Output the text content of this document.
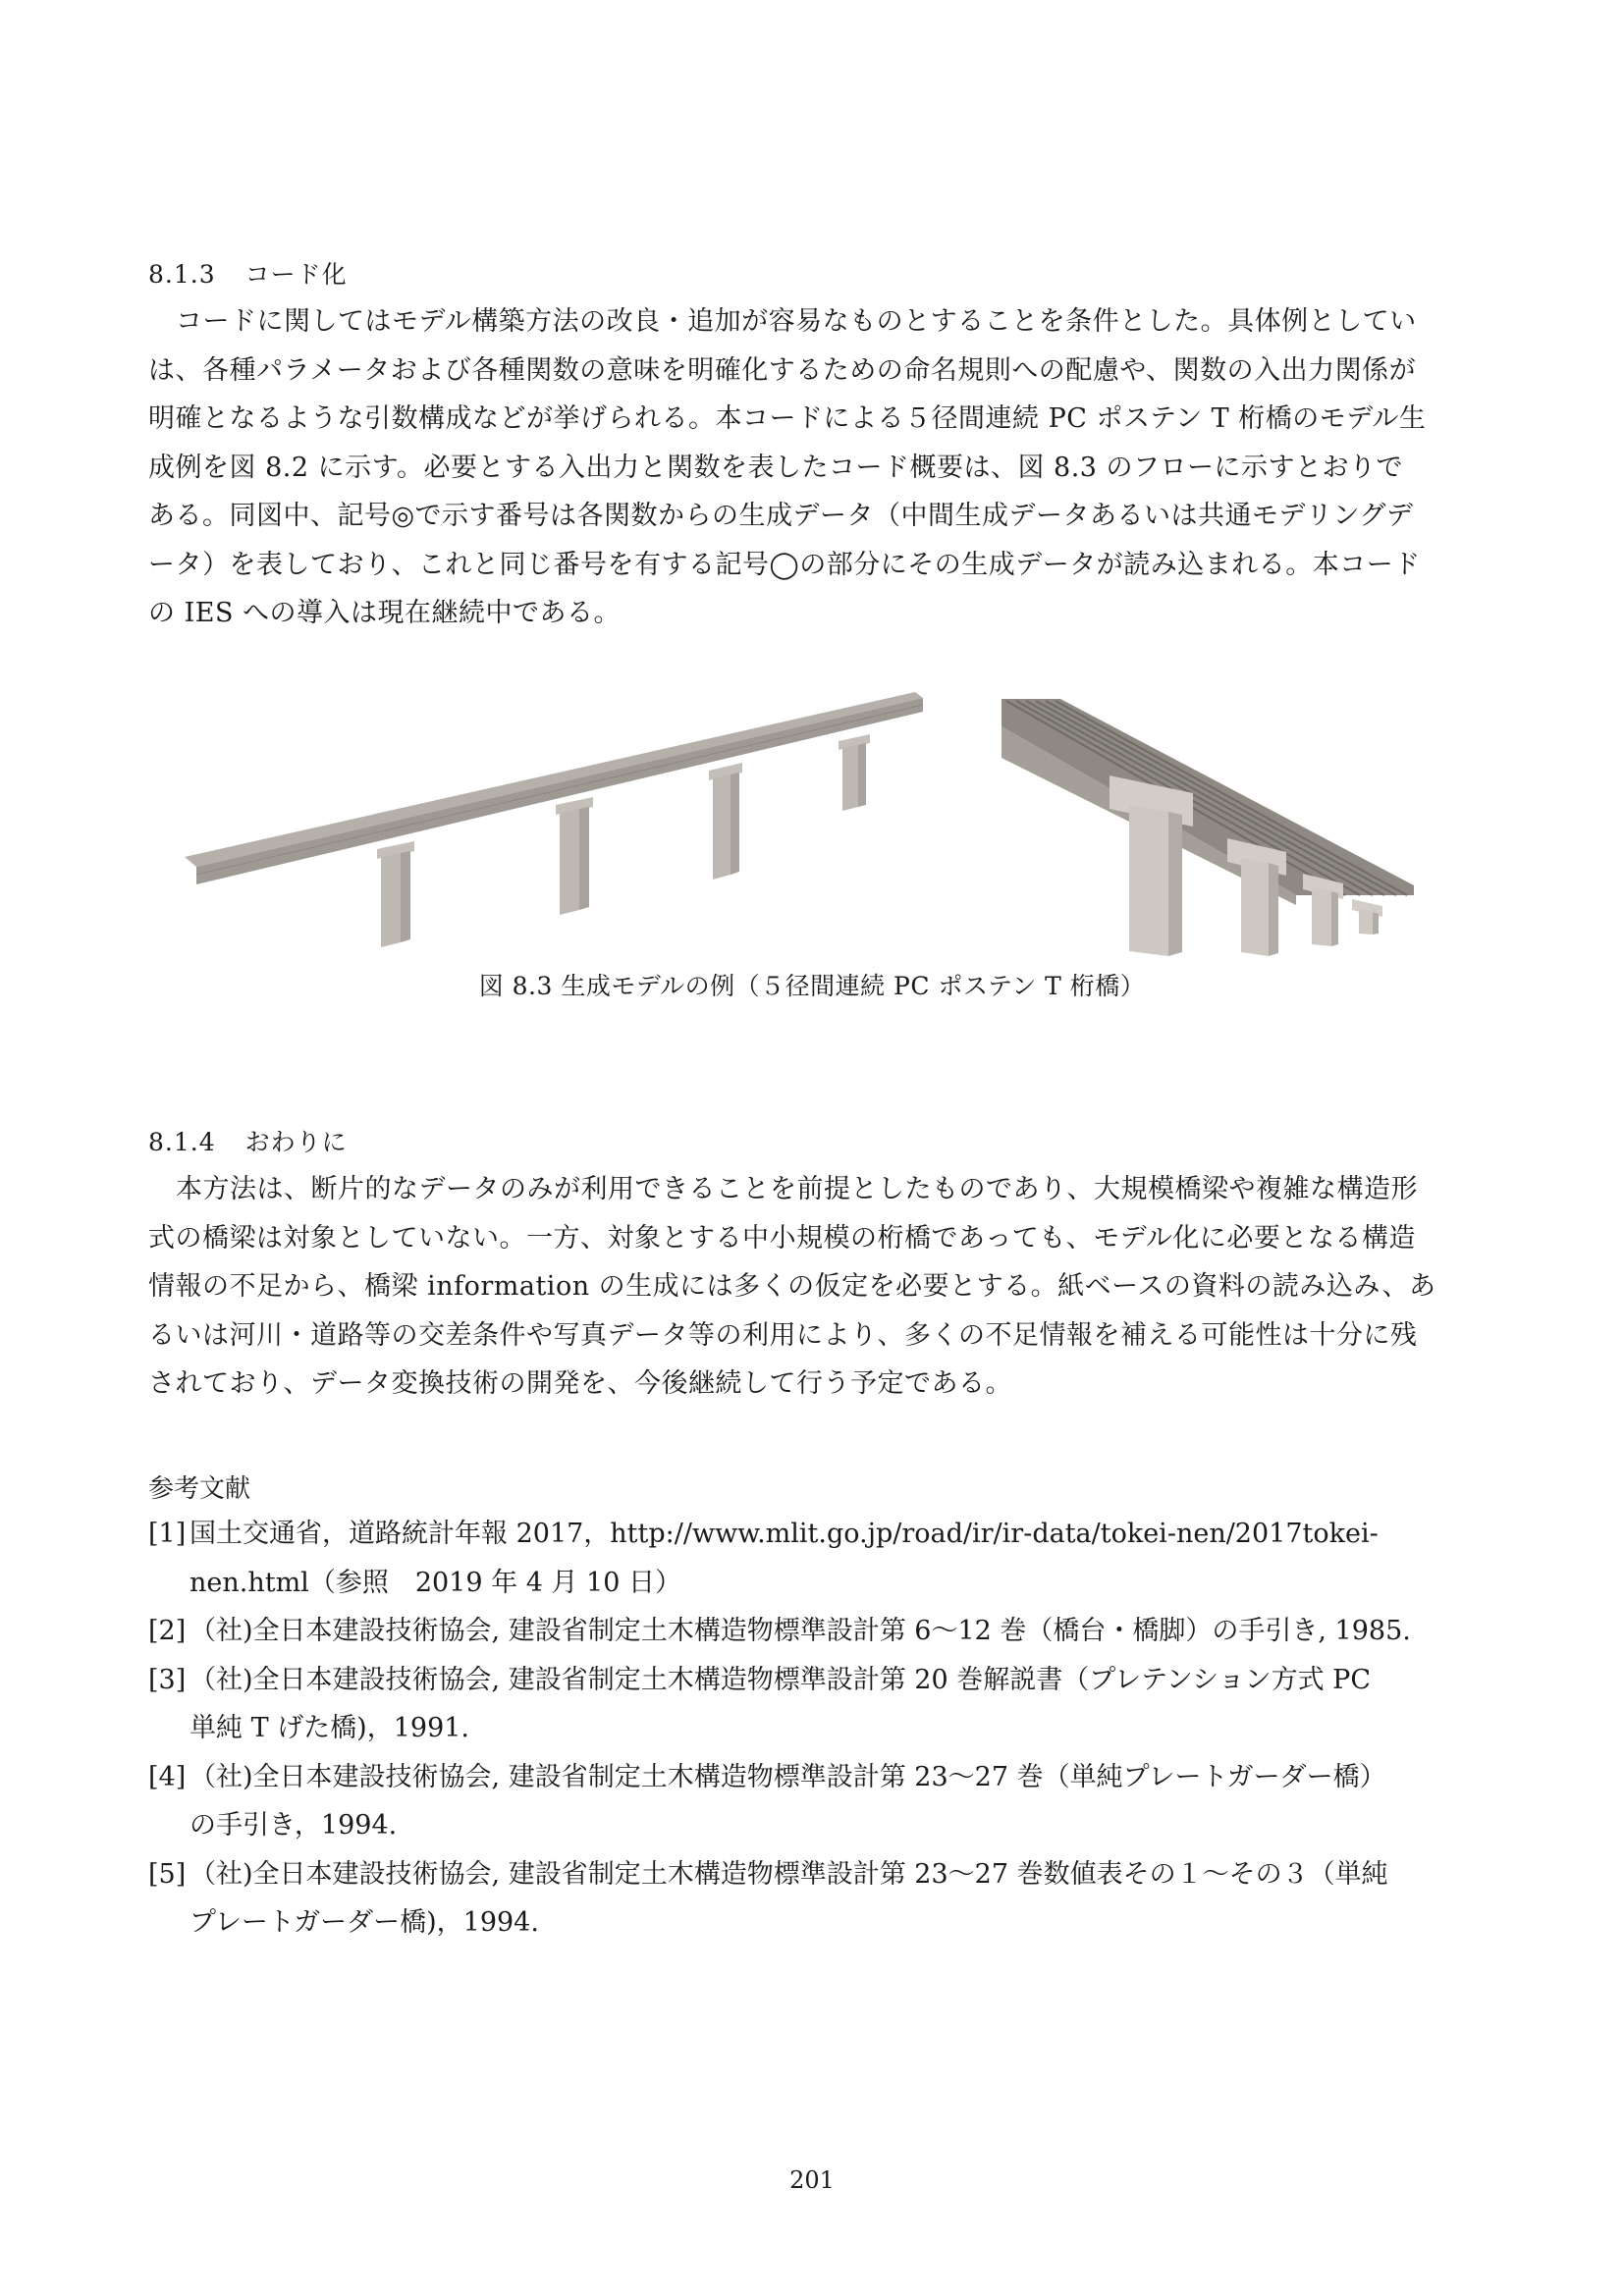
8.1.3 コード化
コードに関してはモデル構築方法の改良・追加が容易なものとすることを条件とした。具体例としてい
は、各種パラメータおよび各種関数の意味を明確化するための命名規則への配慮や、関数の入出力関係が
明確となるような引数構成などが挙げられる。本コードによる５径間連続 PC ポステン T 桁橋のモデル生
成例を図 8.2 に示す。必要とする入出力と関数を表したコード概要は、図 8.3 のフローに示すとおりで
ある。同図中、記号◎で示す番号は各関数からの生成データ（中間生成データあるいは共通モデリングデ
ータ）を表しており、これと同じ番号を有する記号◯の部分にその生成データが読み込まれる。本コード
の IES への導入は現在継続中である。
図 8.3 生成モデルの例（５径間連続 PC ポステン T 桁橋）
8.1.4 おわりに
本方法は、断片的なデータのみが利用できることを前提としたものであり、大規模橋梁や複雑な構造形
式の橋梁は対象としていない。一方、対象とする中小規模の桁橋であっても、モデル化に必要となる構造
情報の不足から、橋梁 information の生成には多くの仮定を必要とする。紙ベースの資料の読み込み、あ
るいは河川・道路等の交差条件や写真データ等の利用により、多くの不足情報を補える可能性は十分に残
されており、データ変換技術の開発を、今後継続して行う予定である。
参考文献
[1] 国土交通省，道路統計年報 2017，http://www.mlit.go.jp/road/ir/ir-data/tokei-nen/2017tokei-
nen.html（参照　2019 年 4 月 10 日）
[2] （社)全日本建設技術協会, 建設省制定土木構造物標準設計第 6～12 巻（橋台・橋脚）の手引き, 1985.
[3] （社)全日本建設技術協会, 建設省制定土木構造物標準設計第 20 巻解説書（プレテンション方式 PC
単純 T げた橋)，1991.
[4] （社)全日本建設技術協会, 建設省制定土木構造物標準設計第 23～27 巻（単純プレートガーダー橋）
の手引き，1994.
[5] （社)全日本建設技術協会, 建設省制定土木構造物標準設計第 23～27 巻数値表その１～その３（単純
プレートガーダー橋)，1994.
201
